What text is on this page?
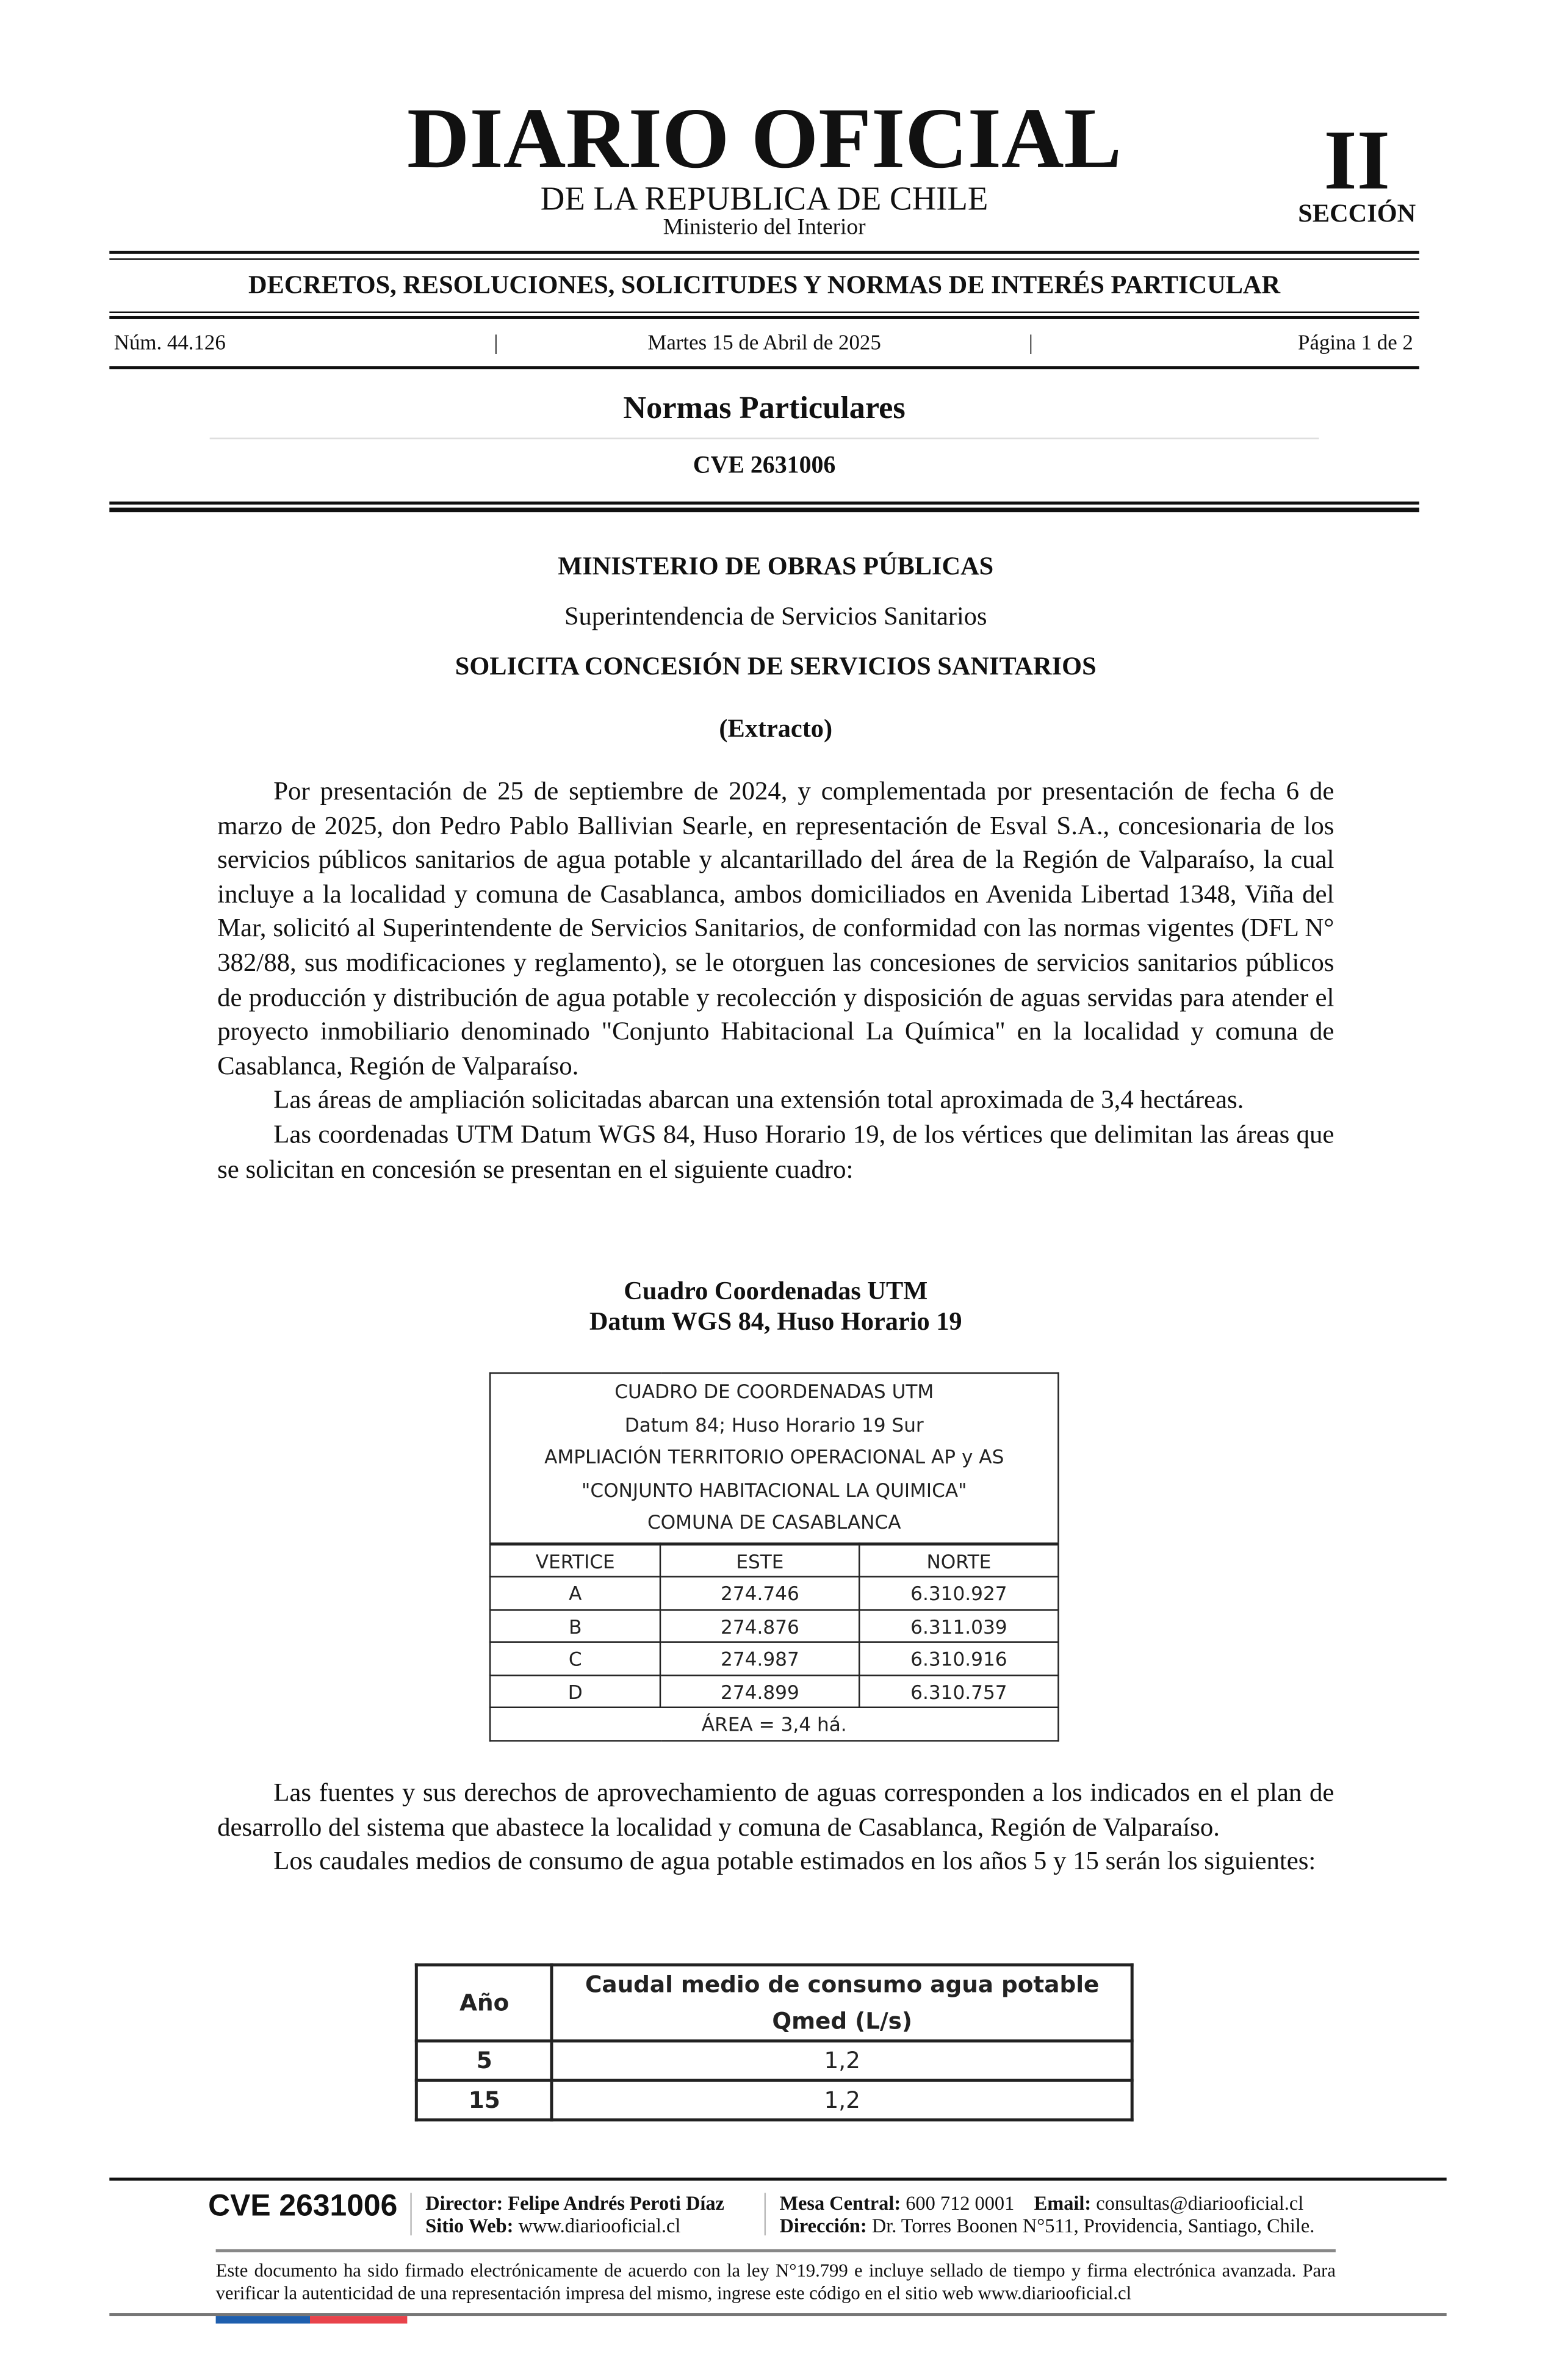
DIARIO OFICIAL
DE LA REPUBLICA DE CHILE
Ministerio del Interior
II
SECCIÓN
DECRETOS, RESOLUCIONES, SOLICITUDES Y NORMAS DE INTERÉS PARTICULAR
Núm. 44.126	|	Martes 15 de Abril de 2025	|	Página 1 de 2
Normas Particulares
CVE 2631006
MINISTERIO DE OBRAS PÚBLICAS
Superintendencia de Servicios Sanitarios
SOLICITA CONCESIÓN DE SERVICIOS SANITARIOS
(Extracto)

Por presentación de 25 de septiembre de 2024, y complementada por presentación de fecha 6 de marzo de 2025, don Pedro Pablo Ballivian Searle, en representación de Esval S.A., concesionaria de los servicios públicos sanitarios de agua potable y alcantarillado del área de la Región de Valparaíso, la cual incluye a la localidad y comuna de Casablanca, ambos domiciliados en Avenida Libertad 1348, Viña del Mar, solicitó al Superintendente de Servicios Sanitarios, de conformidad con las normas vigentes (DFL N° 382/88, sus modificaciones y reglamento), se le otorguen las concesiones de servicios sanitarios públicos de producción y distribución de agua potable y recolección y disposición de aguas servidas para atender el proyecto inmobiliario denominado "Conjunto Habitacional La Química" en la localidad y comuna de Casablanca, Región de Valparaíso.

Las áreas de ampliación solicitadas abarcan una extensión total aproximada de 3,4 hectáreas.

Las coordenadas UTM Datum WGS 84, Huso Horario 19, de los vértices que delimitan las áreas que se solicitan en concesión se presentan en el siguiente cuadro:

Cuadro Coordenadas UTM
Datum WGS 84, Huso Horario 19
CUADRO DE COORDENADAS UTM
Datum 84; Huso Horario 19 Sur
AMPLIACIÓN TERRITORIO OPERACIONAL AP y AS
"CONJUNTO HABITACIONAL LA QUIMICA"
COMUNA DE CASABLANCA		

VERTICE	ESTE	NORTE
A	274.746	6.310.927
B	274.876	6.311.039
C	274.987	6.310.916
D	274.899	6.310.757
ÁREA = 3,4 há.		

Las fuentes y sus derechos de aprovechamiento de aguas corresponden a los indicados en el plan de desarrollo del sistema que abastece la localidad y comuna de Casablanca, Región de Valparaíso.

Los caudales medios de consumo de agua potable estimados en los años 5 y 15 serán los siguientes:

Año	Caudal medio de consumo agua potable
Qmed (L/s)

5	1,2
15	1,2
CVE 2631006	Director: Felipe Andrés Peroti Díaz
Sitio Web: www.diariooficial.cl
Mesa Central: 600 712 0001 Email: consultas@diariooficial.cl
Dirección: Dr. Torres Boonen N°511, Providencia, Santiago, Chile.
Este documento ha sido firmado electrónicamente de acuerdo con la ley N°19.799 e incluye sellado de tiempo y firma electrónica avanzada. Para verificar la autenticidad de una representación impresa del mismo, ingrese este código en el sitio web www.diariooficial.cl
